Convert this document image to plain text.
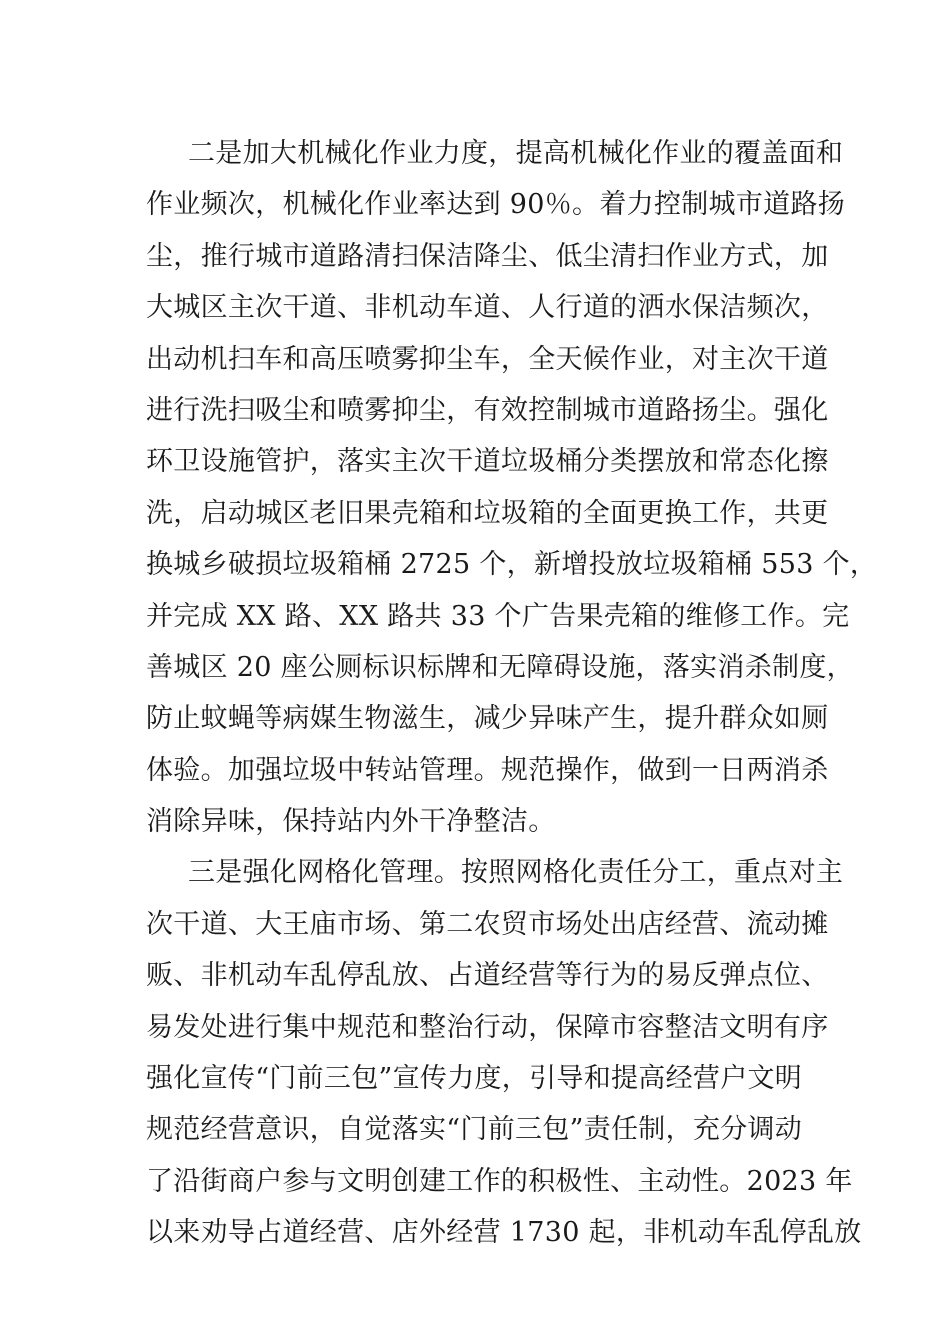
二是加大机械化作业力度，提高机械化作业的覆盖面和
作业频次，机械化作业率达到 90％。着力控制城市道路扬
尘，推行城市道路清扫保洁降尘、低尘清扫作业方式，加
大城区主次干道、非机动车道、人行道的洒水保洁频次，
出动机扫车和高压喷雾抑尘车，全天候作业，对主次干道
进行洗扫吸尘和喷雾抑尘，有效控制城市道路扬尘。强化
环卫设施管护，落实主次干道垃圾桶分类摆放和常态化擦
洗，启动城区老旧果壳箱和垃圾箱的全面更换工作，共更
换城乡破损垃圾箱桶 2725 个，新增投放垃圾箱桶 553 个，
并完成 XX 路、XX 路共 33 个广告果壳箱的维修工作。完
善城区 20 座公厕标识标牌和无障碍设施，落实消杀制度，
防止蚊蝇等病媒生物滋生，减少异味产生，提升群众如厕
体验。加强垃圾中转站管理。规范操作，做到一日两消杀
消除异味，保持站内外干净整洁。
三是强化网格化管理。按照网格化责任分工，重点对主
次干道、大王庙市场、第二农贸市场处出店经营、流动摊
贩、非机动车乱停乱放、占道经营等行为的易反弹点位、
易发处进行集中规范和整治行动，保障市容整洁文明有序
强化宣传“门前三包”宣传力度，引导和提高经营户文明
规范经营意识，自觉落实“门前三包”责任制，充分调动
了沿街商户参与文明创建工作的积极性、主动性。2023 年
以来劝导占道经营、店外经营 1730 起，非机动车乱停乱放
